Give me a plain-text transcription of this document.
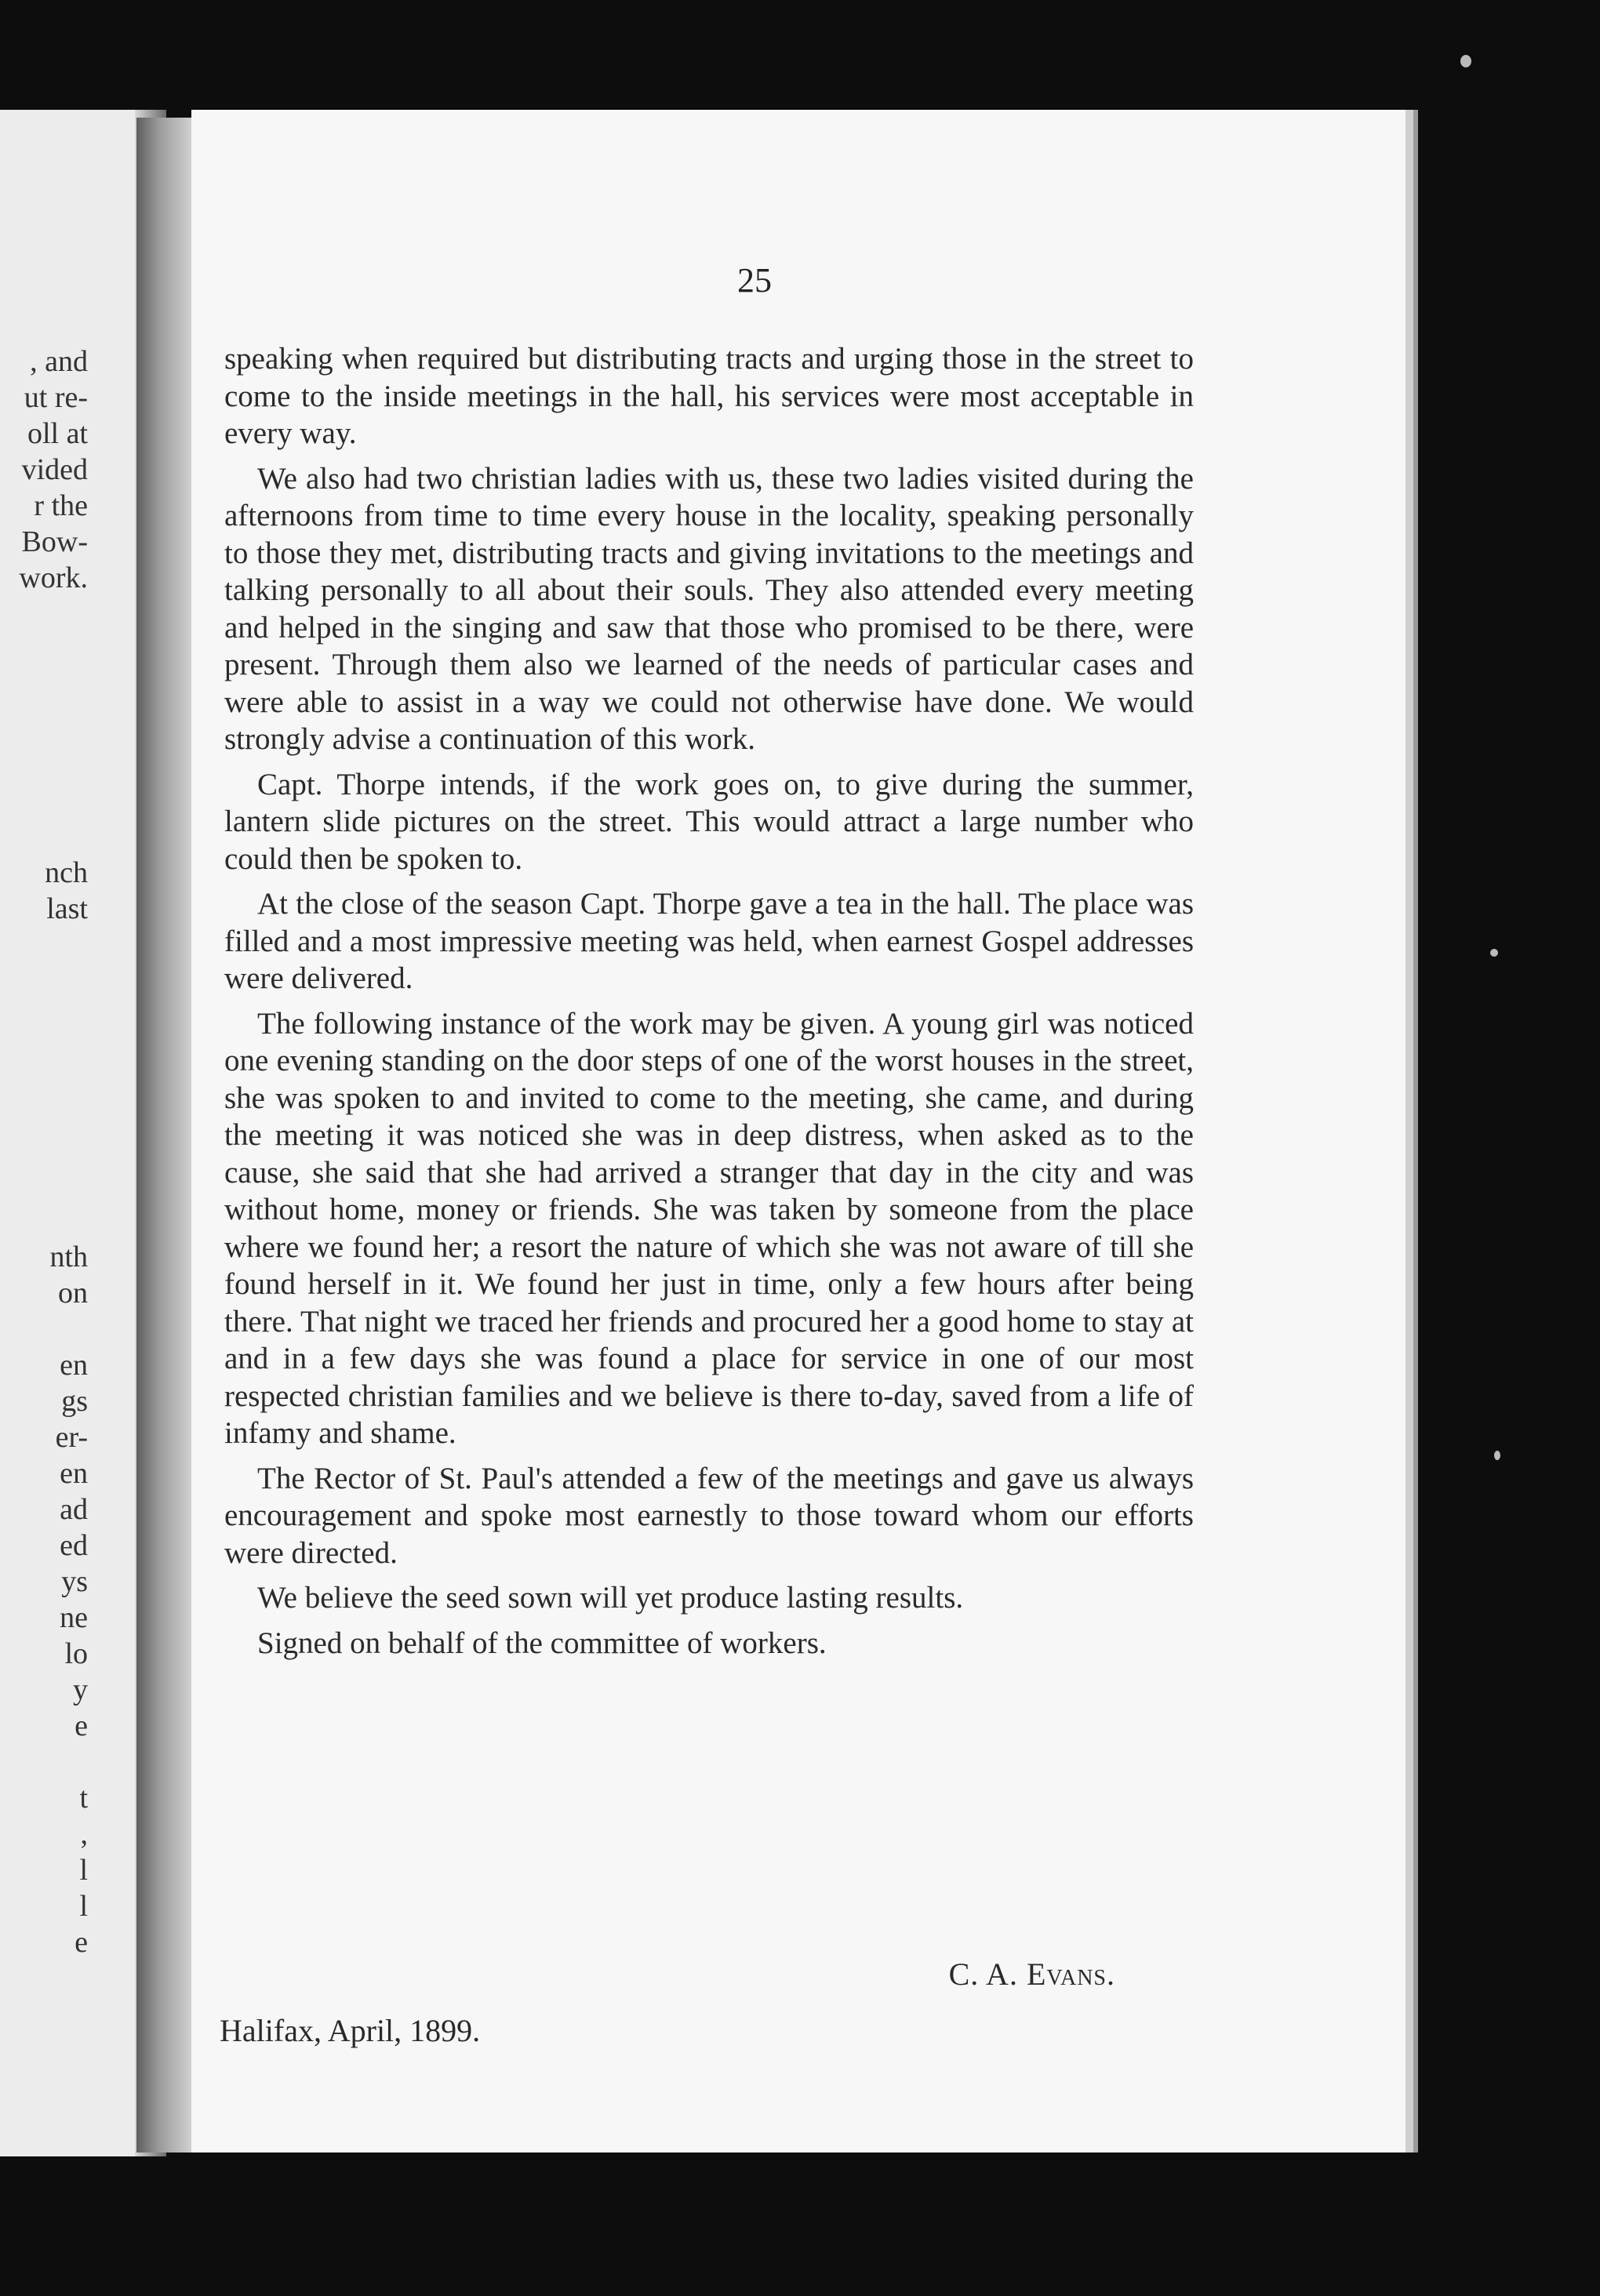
, and
ut re-
oll at
vided
r the
Bow-
work.
nch
last
nth
on

en
gs
er-
en
ad
ed
ys
ne
lo
y
e

t
,
l
l
e
25

speaking when required but distributing tracts and urging those in the street to come to the inside meetings in the hall, his services were most acceptable in every way.

We also had two christian ladies with us, these two ladies visited during the afternoons from time to time every house in the locality, speaking personally to those they met, distributing tracts and giving invitations to the meetings and talking personally to all about their souls. They also attended every meeting and helped in the singing and saw that those who promised to be there, were present. Through them also we learned of the needs of particular cases and were able to assist in a way we could not otherwise have done. We would strongly advise a continuation of this work.

Capt. Thorpe intends, if the work goes on, to give during the summer, lantern slide pictures on the street. This would attract a large number who could then be spoken to.

At the close of the season Capt. Thorpe gave a tea in the hall. The place was filled and a most impressive meeting was held, when earnest Gospel addresses were delivered.

The following instance of the work may be given. A young girl was noticed one evening standing on the door steps of one of the worst houses in the street, she was spoken to and invited to come to the meeting, she came, and during the meeting it was noticed she was in deep distress, when asked as to the cause, she said that she had arrived a stranger that day in the city and was without home, money or friends. She was taken by someone from the place where we found her; a resort the nature of which she was not aware of till she found herself in it. We found her just in time, only a few hours after being there. That night we traced her friends and procured her a good home to stay at and in a few days she was found a place for service in one of our most respected christian families and we believe is there to-day, saved from a life of infamy and shame.

The Rector of St. Paul's attended a few of the meetings and gave us always encouragement and spoke most earnestly to those toward whom our efforts were directed.

We believe the seed sown will yet produce lasting results.

Signed on behalf of the committee of workers.

C. A. Evans.
Halifax, April, 1899.
